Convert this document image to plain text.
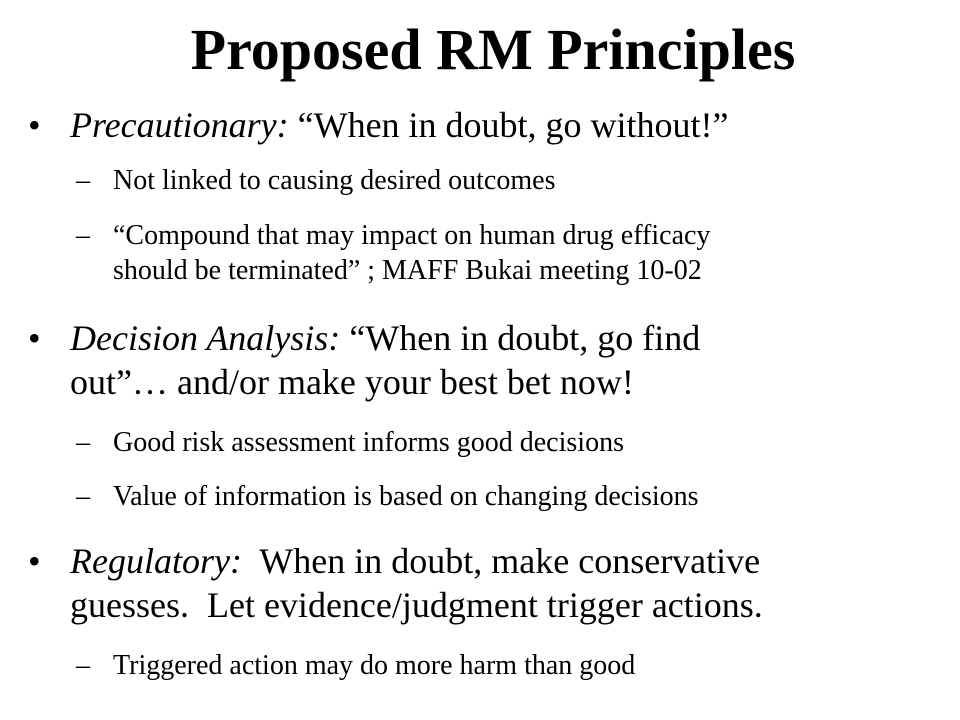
Proposed RM Principles
• Precautionary: “When in doubt, go without!”
– Not linked to causing desired outcomes
– “Compound that may impact on human drug efficacy
should be terminated” ; MAFF Bukai meeting 10-02
• Decision Analysis: “When in doubt, go find
out”… and/or make your best bet now!
– Good risk assessment informs good decisions
– Value of information is based on changing decisions
• Regulatory:  When in doubt, make conservative
guesses.  Let evidence/judgment trigger actions.
– Triggered action may do more harm than good
